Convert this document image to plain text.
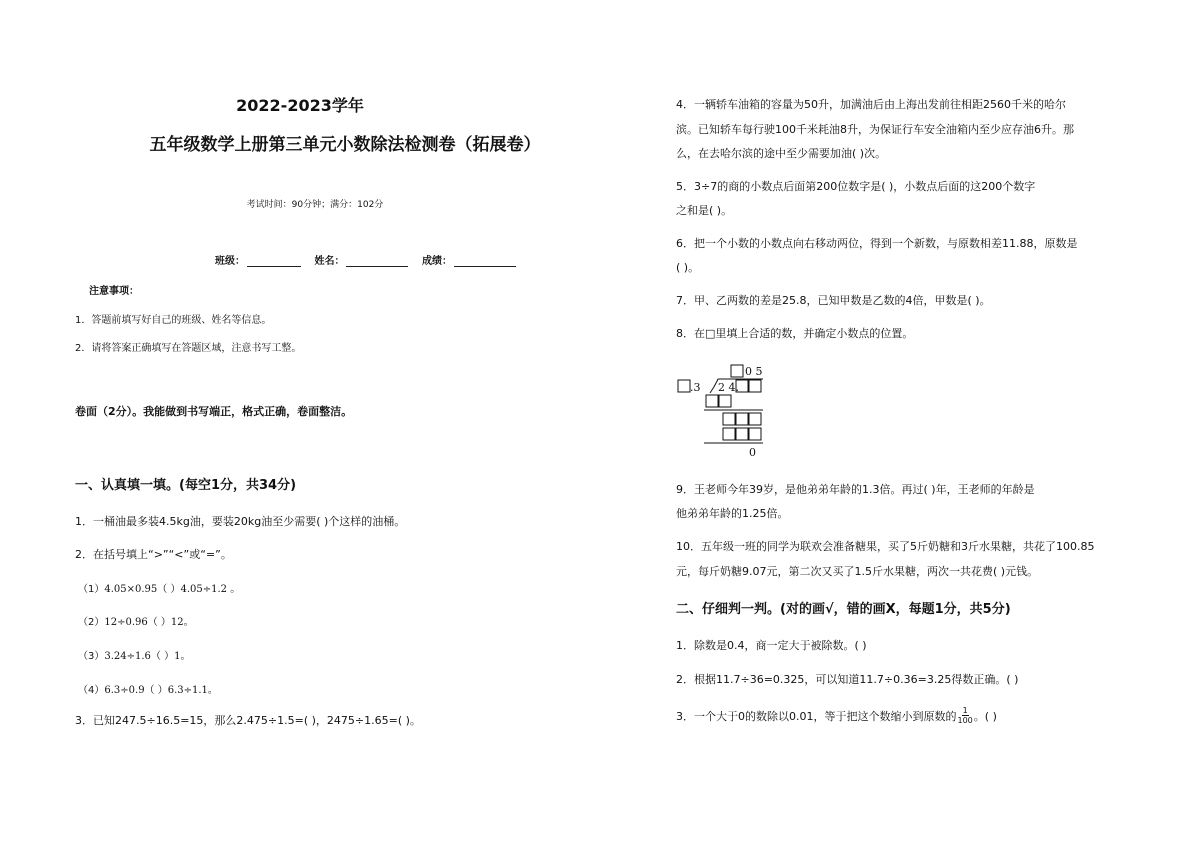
2022-2023学年
五年级数学上册第三单元小数除法检测卷（拓展卷）
考试时间：90分钟；满分：102分
班级：	姓名：	成绩：
注意事项：
1．答题前填写好自己的班级、姓名等信息。
2．请将答案正确填写在答题区域，注意书写工整。
卷面（2分）。我能做到书写端正，格式正确，卷面整洁。
一、认真填一填。(每空1分，共34分)
1．一桶油最多装4.5kg油，要装20kg油至少需要( )个这样的油桶。
2．在括号填上“>”“<”或“=”。
（1）4.05×0.95（ ）4.05÷1.2 。
（2）12÷0.96（ ）12。
（3）3.24÷1.6（ ）1。
（4）6.3÷0.9（ ）6.3÷1.1。
3．已知247.5÷16.5=15，那么2.475÷1.5=( )，2475÷1.65=( )。
4．一辆轿车油箱的容量为50升，加满油后由上海出发前往相距2560千米的哈尔
滨。已知轿车每行驶100千米耗油8升，为保证行车安全油箱内至少应存油6升。那
么，在去哈尔滨的途中至少需要加油( )次。
5．3÷7的商的小数点后面第200位数字是( )，小数点后面的这200个数字
之和是( )。
6．把一个小数的小数点向右移动两位，得到一个新数，与原数相差11.88，原数是
( )。
7．甲、乙两数的差是25.8，已知甲数是乙数的4倍，甲数是( )。
8．在□里填上合适的数，并确定小数点的位置。
0 5
.3 2 4.
0
9．王老师今年39岁，是他弟弟年龄的1.3倍。再过( )年，王老师的年龄是
他弟弟年龄的1.25倍。
10．五年级一班的同学为联欢会准备糖果，买了5斤奶糖和3斤水果糖，共花了100.85
元，每斤奶糖9.07元，第二次又买了1.5斤水果糖，两次一共花费( )元钱。
二、仔细判一判。(对的画√，错的画X，每题1分，共5分)
1．除数是0.4，商一定大于被除数。( )
2．根据11.7÷36=0.325，可以知道11.7÷0.36=3.25得数正确。( )
3．一个大于0的数除以0.01，等于把这个数缩小到原数的 $\frac{1}{100}$ 。( )
